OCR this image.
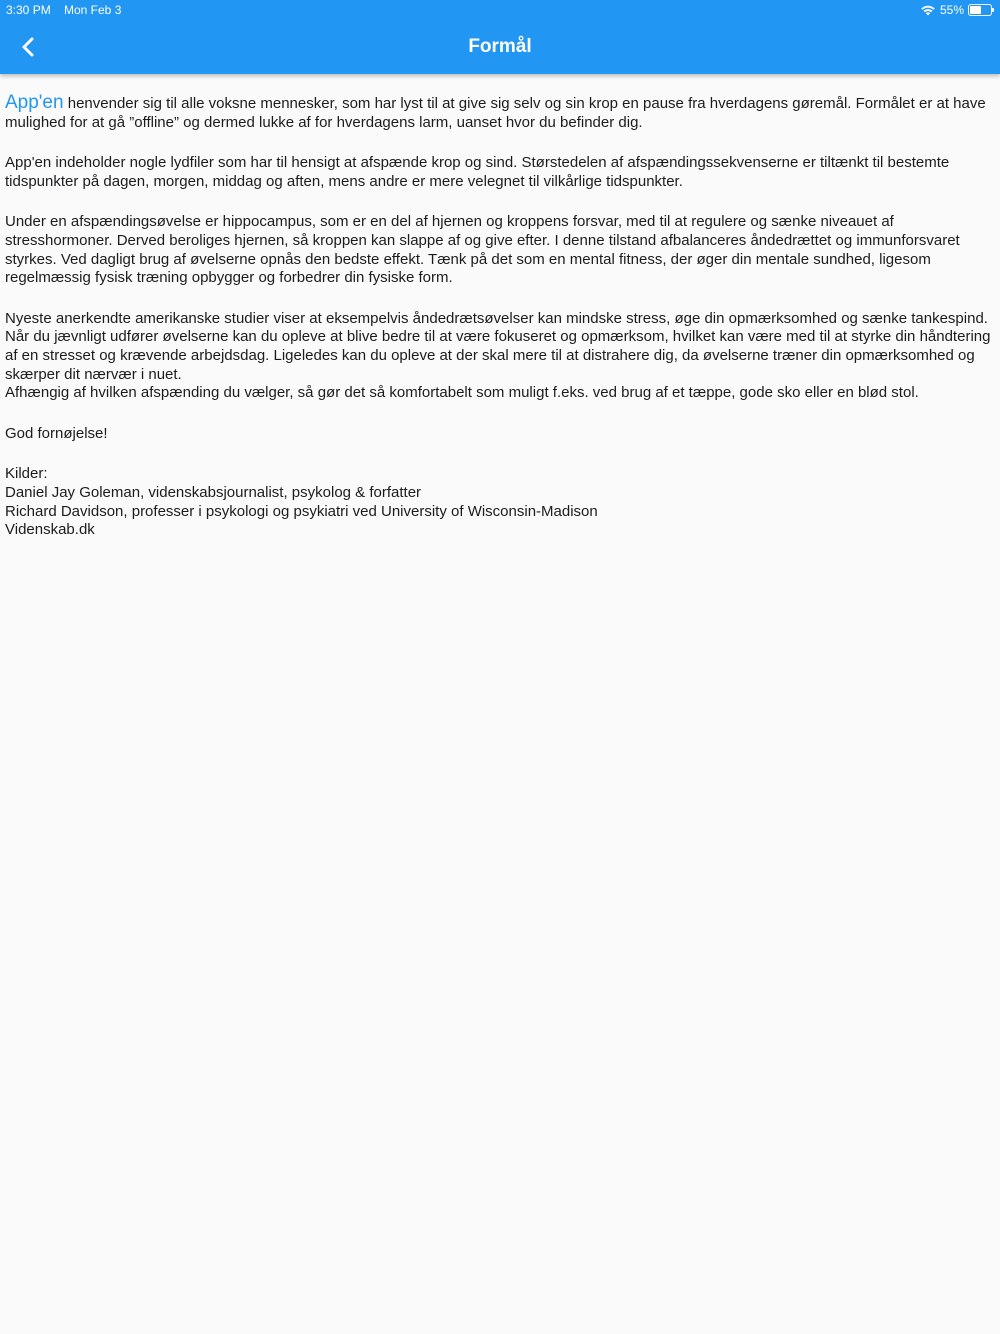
3:30 PM Mon Feb 3	55%
Formål

App'en henvender sig til alle voksne mennesker, som har lyst til at give sig selv og sin krop en pause fra hverdagens gøremål. Formålet er at have mulighed for at gå ”offline” og dermed lukke af for hverdagens larm, uanset hvor du befinder dig.

App'en indeholder nogle lydfiler som har til hensigt at afspænde krop og sind. Størstedelen af afspændingssekvenserne er tiltænkt til bestemte tidspunkter på dagen, morgen, middag og aften, mens andre er mere velegnet til vilkårlige tidspunkter.

Under en afspændingsøvelse er hippocampus, som er en del af hjernen og kroppens forsvar, med til at regulere og sænke niveauet af stresshormoner. Derved beroliges hjernen, så kroppen kan slappe af og give efter. I denne tilstand afbalanceres åndedrættet og immunforsvaret styrkes. Ved dagligt brug af øvelserne opnås den bedste effekt. Tænk på det som en mental fitness, der øger din mentale sundhed, ligesom regelmæssig fysisk træning opbygger og forbedrer din fysiske form.

Nyeste anerkendte amerikanske studier viser at eksempelvis åndedrætsøvelser kan mindske stress, øge din opmærksomhed og sænke tankespind. Når du jævnligt udfører øvelserne kan du opleve at blive bedre til at være fokuseret og opmærksom, hvilket kan være med til at styrke din håndtering af en stresset og krævende arbejdsdag. Ligeledes kan du opleve at der skal mere til at distrahere dig, da øvelserne træner din opmærksomhed og skærper dit nærvær i nuet.
Afhængig af hvilken afspænding du vælger, så gør det så komfortabelt som muligt f.eks. ved brug af et tæppe, gode sko eller en blød stol.

God fornøjelse!

Kilder:
Daniel Jay Goleman, videnskabsjournalist, psykolog & forfatter
Richard Davidson, professer i psykologi og psykiatri ved University of Wisconsin-Madison
Videnskab.dk
